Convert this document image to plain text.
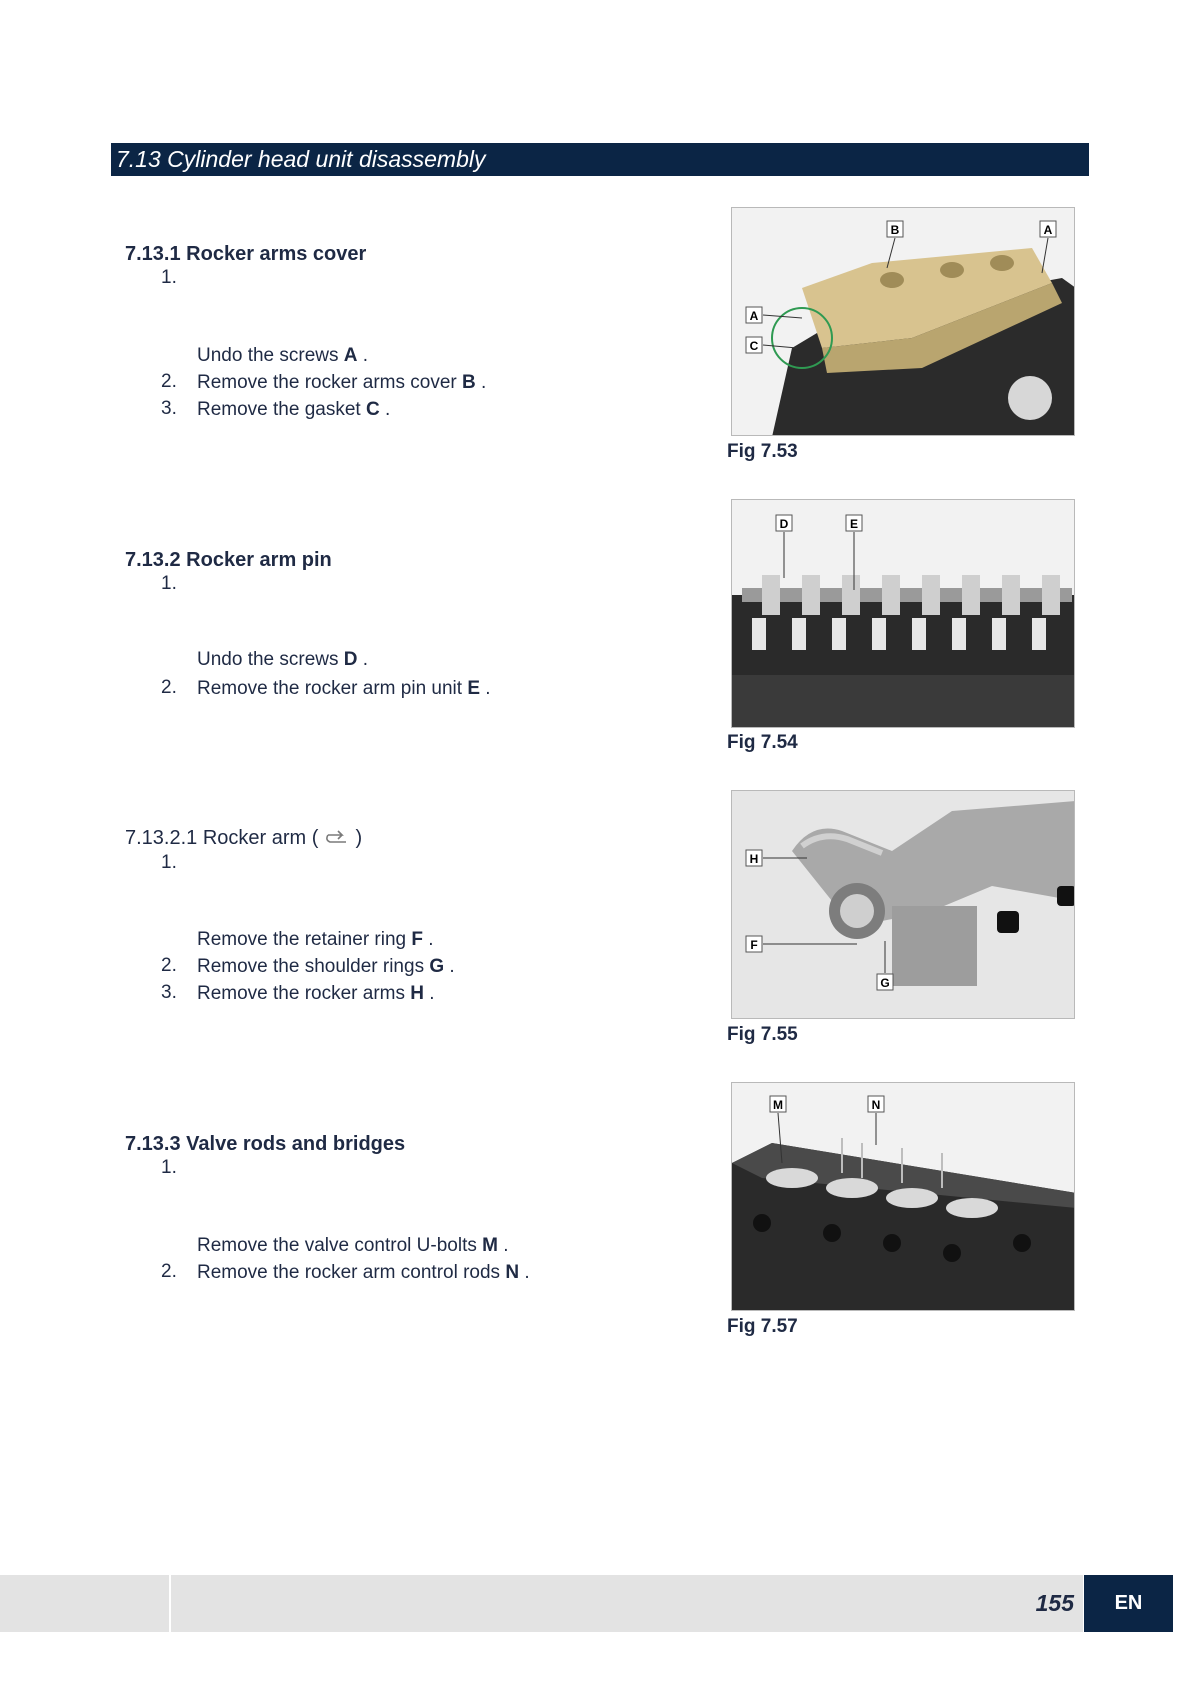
7.13 Cylinder head unit disassembly
7.13.1 Rocker arms cover
1.
Undo the screws A .
2. Remove the rocker arms cover B .
3. Remove the gasket C .
7.13.2 Rocker arm pin
1.
Undo the screws D .
2. Remove the rocker arm pin unit E .
7.13.2.1 Rocker arm ( )
1.
Remove the retainer ring F .
2. Remove the shoulder rings G .
3. Remove the rocker arms H .
7.13.3 Valve rods and bridges
1.
Remove the valve control U-bolts M .
2. Remove the rocker arm control rods N .
B	A
A
C
Fig 7.53
D	E
Fig 7.54
H
F
G
Fig 7.55
M	N
Fig 7.57
155	EN
